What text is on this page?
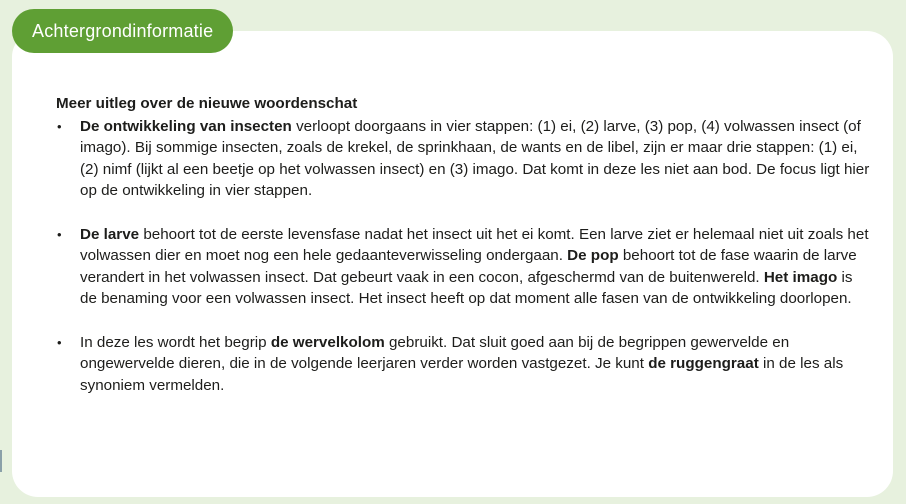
Achtergrondinformatie
Meer uitleg over de nieuwe woordenschat
• De ontwikkeling van insecten verloopt doorgaans in vier stappen: (1) ei, (2) larve, (3) pop, (4) volwassen insect (of imago). Bij sommige insecten, zoals de krekel, de sprinkhaan, de wants en de libel, zijn er maar drie stappen: (1) ei, (2) nimf (lijkt al een beetje op het volwassen insect) en (3) imago. Dat komt in deze les niet aan bod. De focus ligt hier op de ontwikkeling in vier stappen.
• De larve behoort tot de eerste levensfase nadat het insect uit het ei komt. Een larve ziet er helemaal niet uit zoals het volwassen dier en moet nog een hele gedaanteverwisseling ondergaan. De pop behoort tot de fase waarin de larve verandert in het volwassen insect. Dat gebeurt vaak in een cocon, afgeschermd van de buitenwereld. Het imago is de benaming voor een volwassen insect. Het insect heeft op dat moment alle fasen van de ontwikkeling doorlopen.
• In deze les wordt het begrip de wervelkolom gebruikt. Dat sluit goed aan bij de begrippen gewervelde en ongewervelde dieren, die in de volgende leerjaren verder worden vastgezet. Je kunt de ruggengraat in de les als synoniem vermelden.
